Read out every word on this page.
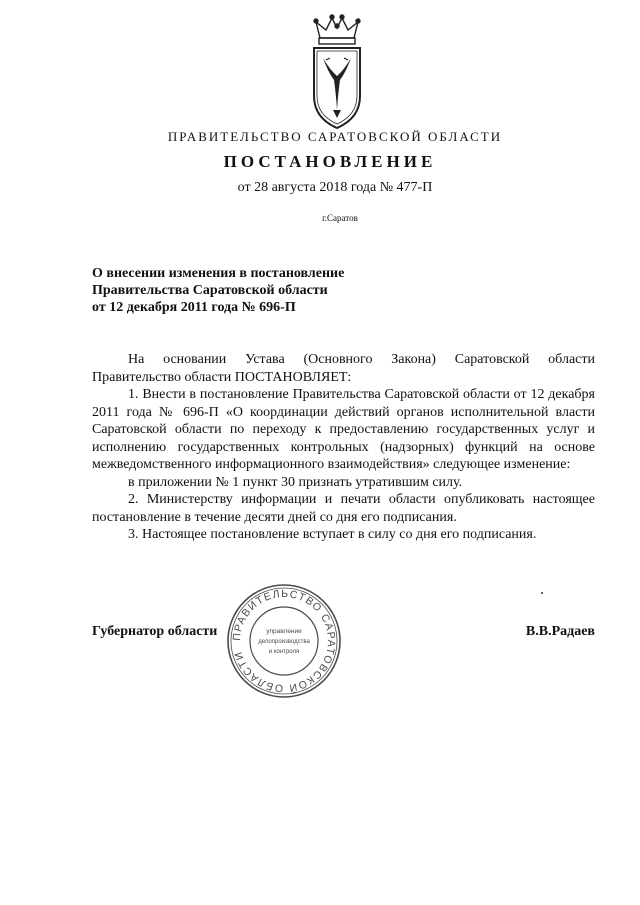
ПРАВИТЕЛЬСТВО САРАТОВСКОЙ ОБЛАСТИ
ПОСТАНОВЛЕНИЕ
от 28 августа 2018 года № 477-П
г.Саратов
О внесении изменения в постановление
Правительства Саратовской области
от 12 декабря 2011 года № 696-П

На основании Устава (Основного Закона) Саратовской области Правительство области ПОСТАНОВЛЯЕТ:

1. Внести в постановление Правительства Саратовской области от 12 декабря 2011 года № 696-П «О координации действий органов исполнительной власти Саратовской области по переходу к предоставлению государственных услуг и исполнению государственных контрольных (надзорных) функций на основе межведомственного информационного взаимодействия» следующее изменение:

в приложении № 1 пункт 30 признать утратившим силу.

2. Министерству информации и печати области опубликовать настоящее постановление в течение десяти дней со дня его подписания.

3. Настоящее постановление вступает в силу со дня его подписания.

Губернатор области	В.В.Радаев
ПРАВИТЕЛЬСТВО САРАТОВСКОЙ ОБЛАСТИ
управление
делопроизводства
и контроля
